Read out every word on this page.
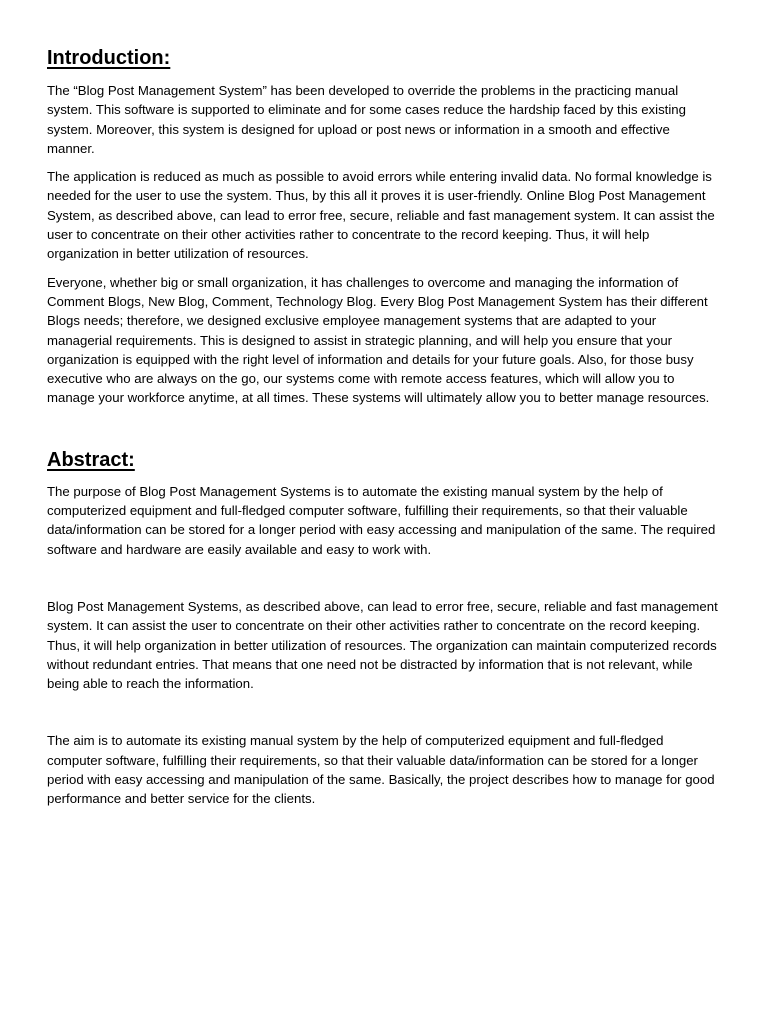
Introduction:

The “Blog Post Management System” has been developed to override the problems in the practicing manual system. This software is supported to eliminate and for some cases reduce the hardship faced by this existing system. Moreover, this system is designed for upload or post news or information in a smooth and effective manner.

The application is reduced as much as possible to avoid errors while entering invalid data. No formal knowledge is needed for the user to use the system. Thus, by this all it proves it is user-friendly. Online Blog Post Management System, as described above, can lead to error free, secure, reliable and fast management system. It can assist the user to concentrate on their other activities rather to concentrate to the record keeping. Thus, it will help organization in better utilization of resources.

Everyone, whether big or small organization, it has challenges to overcome and managing the information of Comment Blogs, New Blog, Comment, Technology Blog. Every Blog Post Management System has their different Blogs needs; therefore, we designed exclusive employee management systems that are adapted to your managerial requirements. This is designed to assist in strategic planning, and will help you ensure that your organization is equipped with the right level of information and details for your future goals. Also, for those busy executive who are always on the go, our systems come with remote access features, which will allow you to manage your workforce anytime, at all times. These systems will ultimately allow you to better manage resources.

Abstract:

The purpose of Blog Post Management Systems is to automate the existing manual system by the help of computerized equipment and full-fledged computer software, fulfilling their requirements, so that their valuable data/information can be stored for a longer period with easy accessing and manipulation of the same. The required software and hardware are easily available and easy to work with.

Blog Post Management Systems, as described above, can lead to error free, secure, reliable and fast management system. It can assist the user to concentrate on their other activities rather to concentrate on the record keeping. Thus, it will help organization in better utilization of resources. The organization can maintain computerized records without redundant entries. That means that one need not be distracted by information that is not relevant, while being able to reach the information.

The aim is to automate its existing manual system by the help of computerized equipment and full-fledged computer software, fulfilling their requirements, so that their valuable data/information can be stored for a longer period with easy accessing and manipulation of the same. Basically, the project describes how to manage for good performance and better service for the clients.
